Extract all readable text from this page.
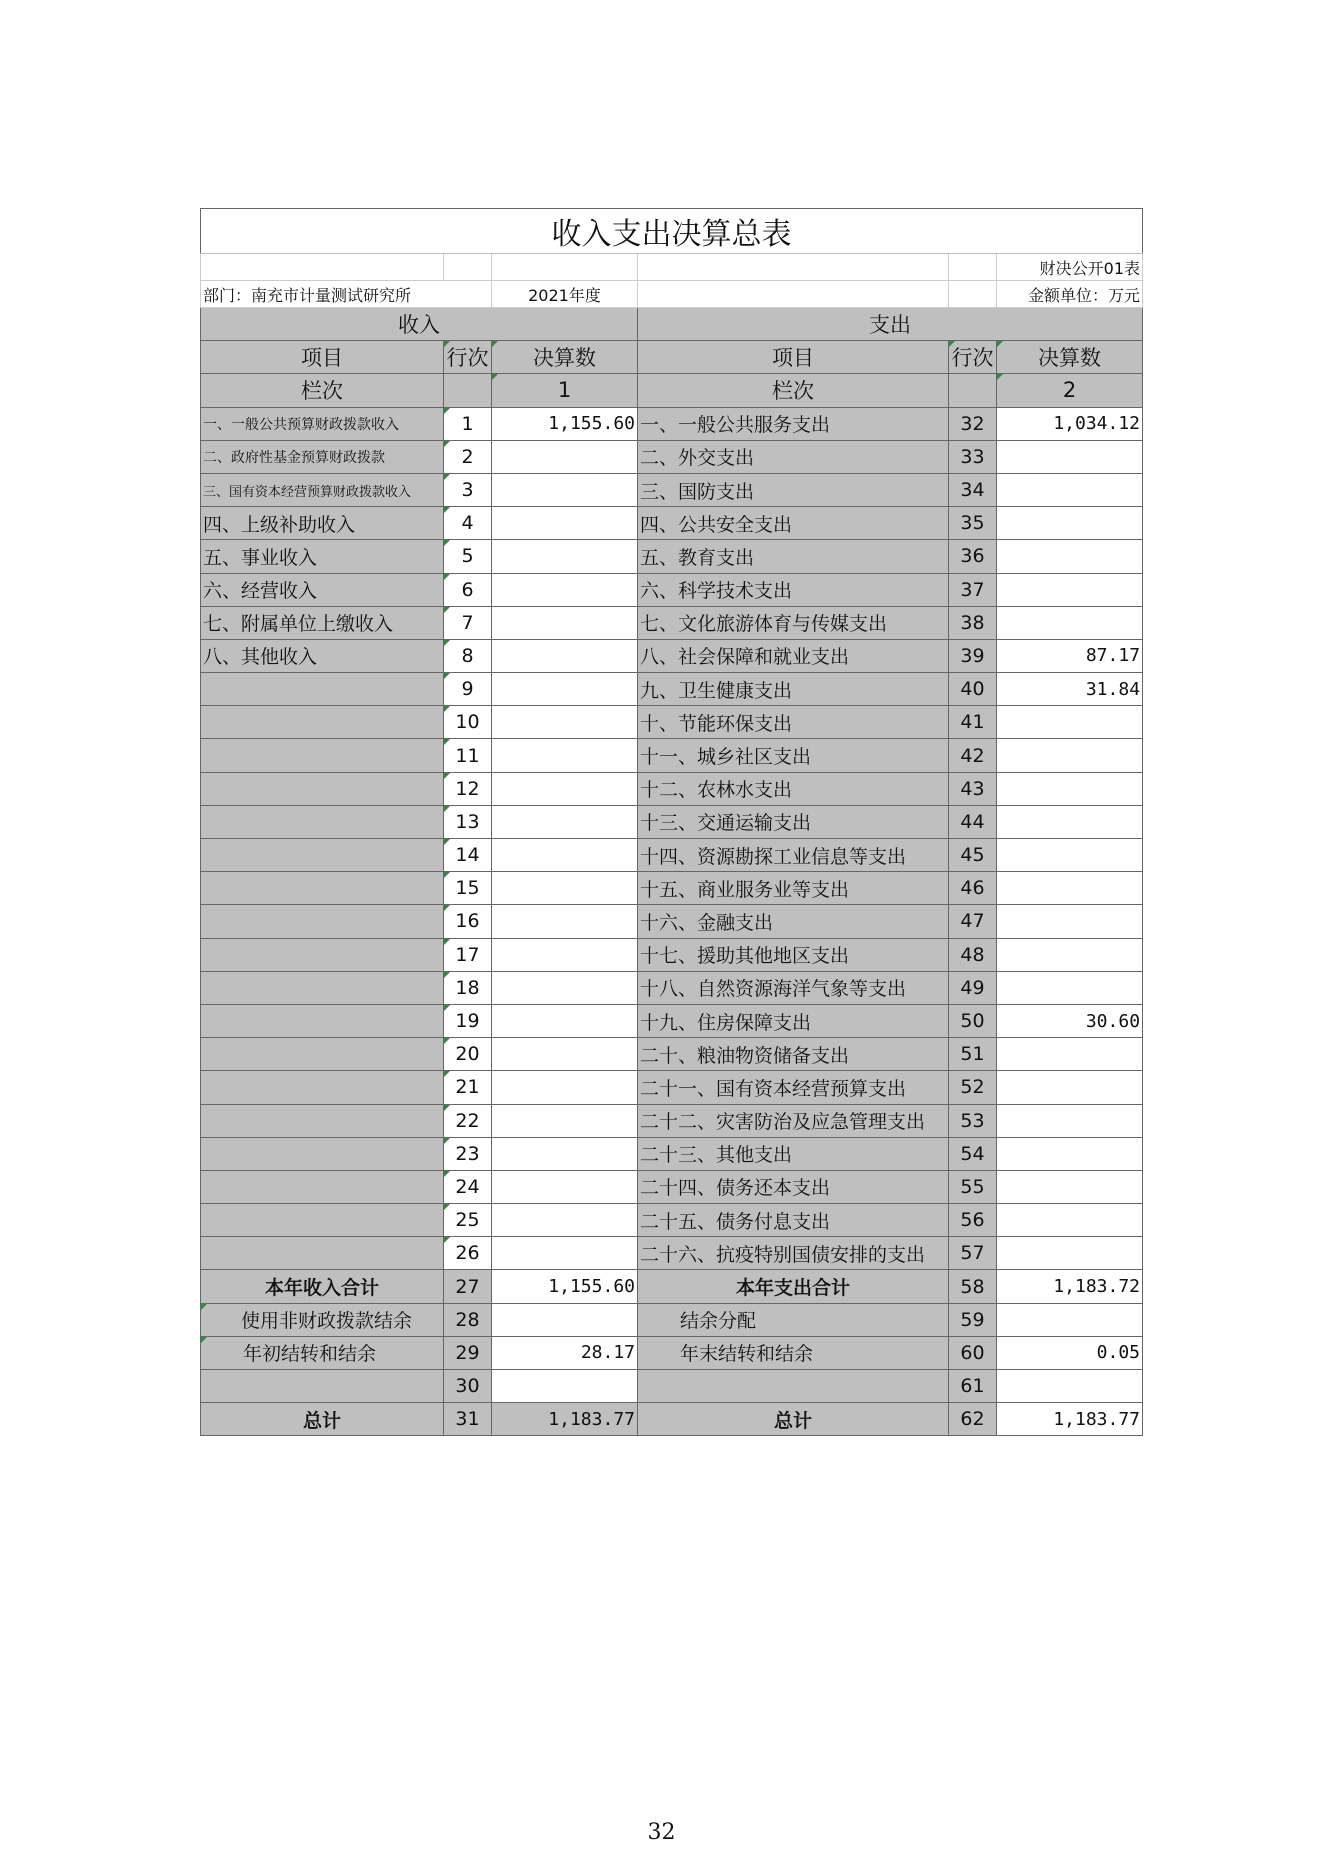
收入支出决算总表					
					财决公开01表
部门：南充市计量测试研究所		2021年度			金额单位：万元
收入			支出		
项目	行次	决算数	项目	行次	决算数
栏次		1	栏次		2
一、一般公共预算财政拨款收入	1	1,155.60	一、一般公共服务支出	32	1,034.12
二、政府性基金预算财政拨款	2		二、外交支出	33	
三、国有资本经营预算财政拨款收入	3		三、国防支出	34	
四、上级补助收入	4		四、公共安全支出	35	
五、事业收入	5		五、教育支出	36	
六、经营收入	6		六、科学技术支出	37	
七、附属单位上缴收入	7		七、文化旅游体育与传媒支出	38	
八、其他收入	8		八、社会保障和就业支出	39	87.17
	9		九、卫生健康支出	40	31.84
	10		十、节能环保支出	41	
	11		十一、城乡社区支出	42	
	12		十二、农林水支出	43	
	13		十三、交通运输支出	44	
	14		十四、资源勘探工业信息等支出	45	
	15		十五、商业服务业等支出	46	
	16		十六、金融支出	47	
	17		十七、援助其他地区支出	48	
	18		十八、自然资源海洋气象等支出	49	
	19		十九、住房保障支出	50	30.60
	20		二十、粮油物资储备支出	51	
	21		二十一、国有资本经营预算支出	52	
	22		二十二、灾害防治及应急管理支出	53	
	23		二十三、其他支出	54	
	24		二十四、债务还本支出	55	
	25		二十五、债务付息支出	56	
	26		二十六、抗疫特别国债安排的支出	57	
本年收入合计	27	1,155.60	本年支出合计	58	1,183.72
使用非财政拨款结余	28		结余分配	59	
年初结转和结余	29	28.17	年末结转和结余	60	0.05
	30			61	
总计	31	1,183.77	总计	62	1,183.77
32
